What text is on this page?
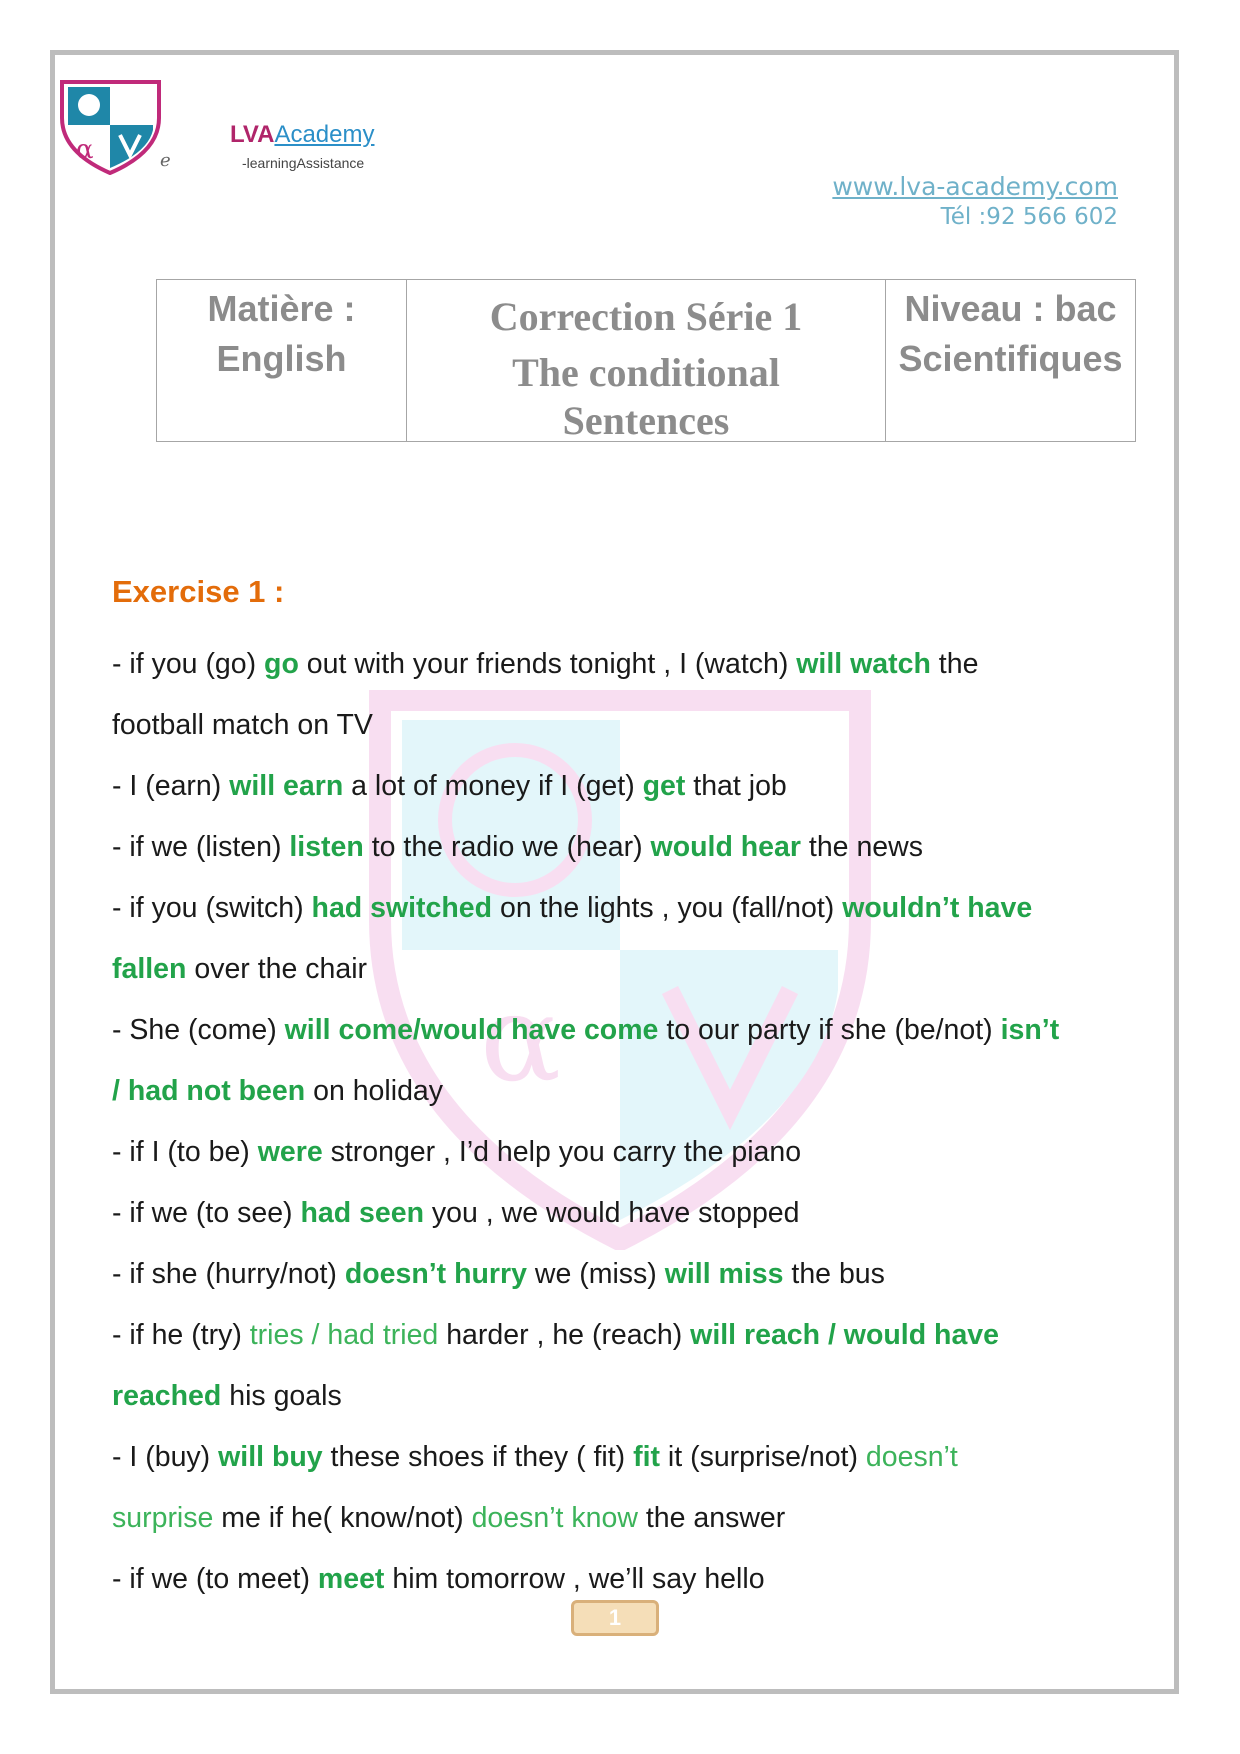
α
α	e
LVAAcademy
-learningAssistance
www.lva-academy.com
Tél :92 566 602
Matière :
English

Correction Série 1
The conditional
Sentences

Niveau : bac
Scientifiques
Exercise 1 :
- if you (go) go out with your friends tonight , I (watch) will watch the
football match on TV
- I (earn) will earn a lot of money if I (get) get that job
- if we (listen) listen to the radio we (hear) would hear the news
- if you (switch) had switched on the lights , you (fall/not) wouldn’t have
fallen over the chair
- She (come) will come/would have come to our party if she (be/not) isn’t
/ had not been on holiday
- if I (to be) were stronger , I’d help you carry the piano
- if we (to see) had seen you , we would have stopped
- if she (hurry/not) doesn’t hurry we (miss) will miss the bus
- if he (try) tries / had tried harder , he (reach) will reach / would have
reached his goals
- I (buy) will buy these shoes if they ( fit) fit it (surprise/not) doesn’t
surprise me if he( know/not) doesn’t know the answer
- if we (to meet) meet him tomorrow , we’ll say hello
1
